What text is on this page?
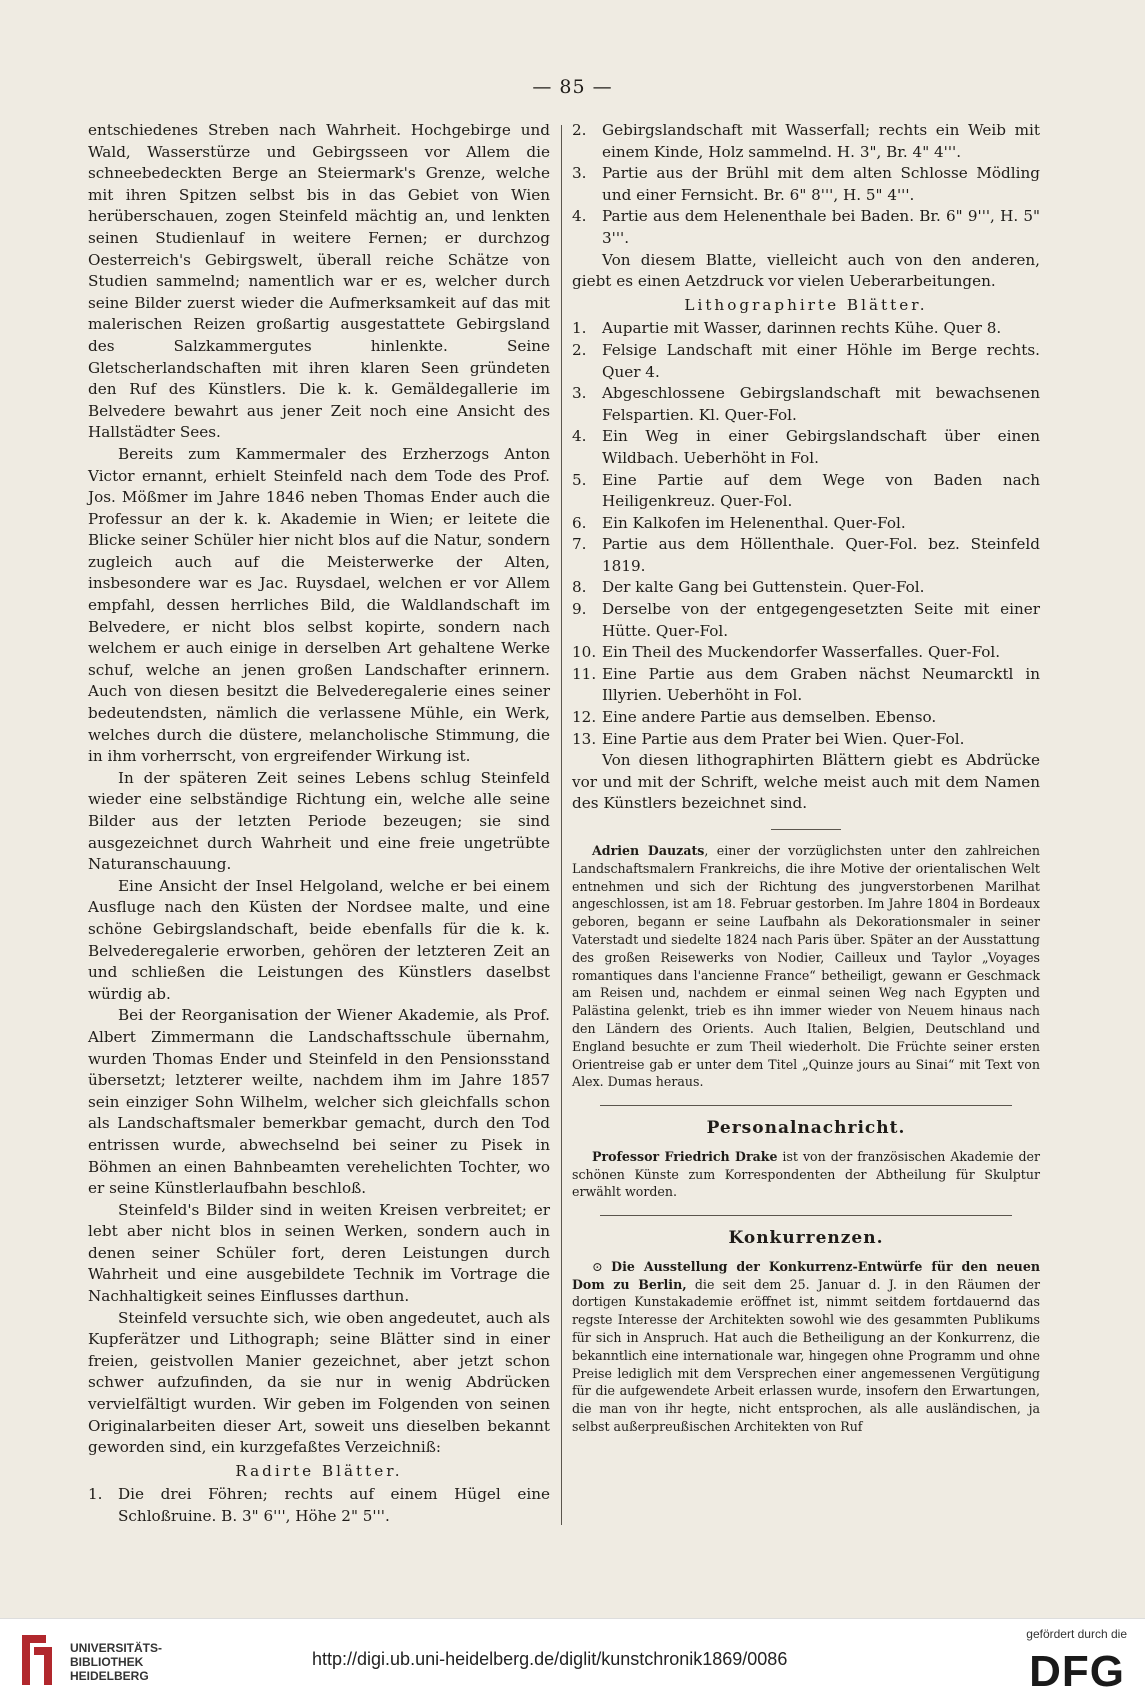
— 85 —

entschiedenes Streben nach Wahrheit. Hochgebirge und Wald, Wasserstürze und Gebirgsseen vor Allem die schneebedeckten Berge an Steiermark's Grenze, welche mit ihren Spitzen selbst bis in das Gebiet von Wien herüberschauen, zogen Steinfeld mächtig an, und lenkten seinen Studienlauf in weitere Fernen; er durchzog Oesterreich's Gebirgswelt, überall reiche Schätze von Studien sammelnd; namentlich war er es, welcher durch seine Bilder zuerst wieder die Aufmerksamkeit auf das mit malerischen Reizen großartig ausgestattete Gebirgsland des Salzkammergutes hinlenkte. Seine Gletscherlandschaften mit ihren klaren Seen gründeten den Ruf des Künstlers. Die k. k. Gemäldegallerie im Belvedere bewahrt aus jener Zeit noch eine Ansicht des Hallstädter Sees.

Bereits zum Kammermaler des Erzherzogs Anton Victor ernannt, erhielt Steinfeld nach dem Tode des Prof. Jos. Mößmer im Jahre 1846 neben Thomas Ender auch die Professur an der k. k. Akademie in Wien; er leitete die Blicke seiner Schüler hier nicht blos auf die Natur, sondern zugleich auch auf die Meisterwerke der Alten, insbesondere war es Jac. Ruysdael, welchen er vor Allem empfahl, dessen herrliches Bild, die Waldlandschaft im Belvedere, er nicht blos selbst kopirte, sondern nach welchem er auch einige in derselben Art gehaltene Werke schuf, welche an jenen großen Landschafter erinnern. Auch von diesen besitzt die Belvederegalerie eines seiner bedeutendsten, nämlich die verlassene Mühle, ein Werk, welches durch die düstere, melancholische Stimmung, die in ihm vorherrscht, von ergreifender Wirkung ist.

In der späteren Zeit seines Lebens schlug Steinfeld wieder eine selbständige Richtung ein, welche alle seine Bilder aus der letzten Periode bezeugen; sie sind ausgezeichnet durch Wahrheit und eine freie ungetrübte Naturanschauung.

Eine Ansicht der Insel Helgoland, welche er bei einem Ausfluge nach den Küsten der Nordsee malte, und eine schöne Gebirgslandschaft, beide ebenfalls für die k. k. Belvederegalerie erworben, gehören der letzteren Zeit an und schließen die Leistungen des Künstlers daselbst würdig ab.

Bei der Reorganisation der Wiener Akademie, als Prof. Albert Zimmermann die Landschaftsschule übernahm, wurden Thomas Ender und Steinfeld in den Pensionsstand übersetzt; letzterer weilte, nachdem ihm im Jahre 1857 sein einziger Sohn Wilhelm, welcher sich gleichfalls schon als Landschaftsmaler bemerkbar gemacht, durch den Tod entrissen wurde, abwechselnd bei seiner zu Pisek in Böhmen an einen Bahnbeamten verehelichten Tochter, wo er seine Künstlerlaufbahn beschloß.

Steinfeld's Bilder sind in weiten Kreisen verbreitet; er lebt aber nicht blos in seinen Werken, sondern auch in denen seiner Schüler fort, deren Leistungen durch Wahrheit und eine ausgebildete Technik im Vortrage die Nachhaltigkeit seines Einflusses darthun.

Steinfeld versuchte sich, wie oben angedeutet, auch als Kupferätzer und Lithograph; seine Blätter sind in einer freien, geistvollen Manier gezeichnet, aber jetzt schon schwer aufzufinden, da sie nur in wenig Abdrücken vervielfältigt wurden. Wir geben im Folgenden von seinen Originalarbeiten dieser Art, soweit uns dieselben bekannt geworden sind, ein kurzgefaßtes Verzeichniß:

Radirte Blätter.
1.	Die drei Föhren; rechts auf einem Hügel eine Schloßruine. B. 3" 6''', Höhe 2" 5'''.
2.	Gebirgslandschaft mit Wasserfall; rechts ein Weib mit einem Kinde, Holz sammelnd. H. 3", Br. 4" 4'''.
3.	Partie aus der Brühl mit dem alten Schlosse Mödling und einer Fernsicht. Br. 6" 8''', H. 5" 4'''.
4.	Partie aus dem Helenenthale bei Baden. Br. 6" 9''', H. 5" 3'''.

Von diesem Blatte, vielleicht auch von den anderen, giebt es einen Aetzdruck vor vielen Ueberarbeitungen.

Lithographirte Blätter.
1.	Aupartie mit Wasser, darinnen rechts Kühe. Quer 8.
2.	Felsige Landschaft mit einer Höhle im Berge rechts. Quer 4.
3.	Abgeschlossene Gebirgslandschaft mit bewachsenen Felspartien. Kl. Quer-Fol.
4.	Ein Weg in einer Gebirgslandschaft über einen Wildbach. Ueberhöht in Fol.
5.	Eine Partie auf dem Wege von Baden nach Heiligenkreuz. Quer-Fol.
6.	Ein Kalkofen im Helenenthal. Quer-Fol.
7.	Partie aus dem Höllenthale. Quer-Fol. bez. Steinfeld 1819.
8.	Der kalte Gang bei Guttenstein. Quer-Fol.
9.	Derselbe von der entgegengesetzten Seite mit einer Hütte. Quer-Fol.
10. Ein Theil des Muckendorfer Wasserfalles. Quer-Fol.
11. Eine Partie aus dem Graben nächst Neumarcktl in Illyrien. Ueberhöht in Fol.
12. Eine andere Partie aus demselben. Ebenso.
13. Eine Partie aus dem Prater bei Wien. Quer-Fol.

Von diesen lithographirten Blättern giebt es Abdrücke vor und mit der Schrift, welche meist auch mit dem Namen des Künstlers bezeichnet sind.

Adrien Dauzats, einer der vorzüglichsten unter den zahlreichen Landschaftsmalern Frankreichs, die ihre Motive der orientalischen Welt entnehmen und sich der Richtung des jungverstorbenen Marilhat angeschlossen, ist am 18. Februar gestorben. Im Jahre 1804 in Bordeaux geboren, begann er seine Laufbahn als Dekorationsmaler in seiner Vaterstadt und siedelte 1824 nach Paris über. Später an der Ausstattung des großen Reisewerks von Nodier, Cailleux und Taylor „Voyages romantiques dans l'ancienne France“ betheiligt, gewann er Geschmack am Reisen und, nachdem er einmal seinen Weg nach Egypten und Palästina gelenkt, trieb es ihn immer wieder von Neuem hinaus nach den Ländern des Orients. Auch Italien, Belgien, Deutschland und England besuchte er zum Theil wiederholt. Die Früchte seiner ersten Orientreise gab er unter dem Titel „Quinze jours au Sinai“ mit Text von Alex. Dumas heraus.

Personalnachricht.

Professor Friedrich Drake ist von der französischen Akademie der schönen Künste zum Korrespondenten der Abtheilung für Skulptur erwählt worden.

Konkurrenzen.

⊙ Die Ausstellung der Konkurrenz-Entwürfe für den neuen Dom zu Berlin, die seit dem 25. Januar d. J. in den Räumen der dortigen Kunstakademie eröffnet ist, nimmt seitdem fortdauernd das regste Interesse der Architekten sowohl wie des gesammten Publikums für sich in Anspruch. Hat auch die Betheiligung an der Konkurrenz, die bekanntlich eine internationale war, hingegen ohne Programm und ohne Preise lediglich mit dem Versprechen einer angemessenen Vergütigung für die aufgewendete Arbeit erlassen wurde, insofern den Erwartungen, die man von ihr hegte, nicht entsprochen, als alle ausländischen, ja selbst außerpreußischen Architekten von Ruf

UNIVERSITÄTS-
BIBLIOTHEK
HEIDELBERG
http://digi.ub.uni-heidelberg.de/diglit/kunstchronik1869/0086
gefördert durch die
DFG
